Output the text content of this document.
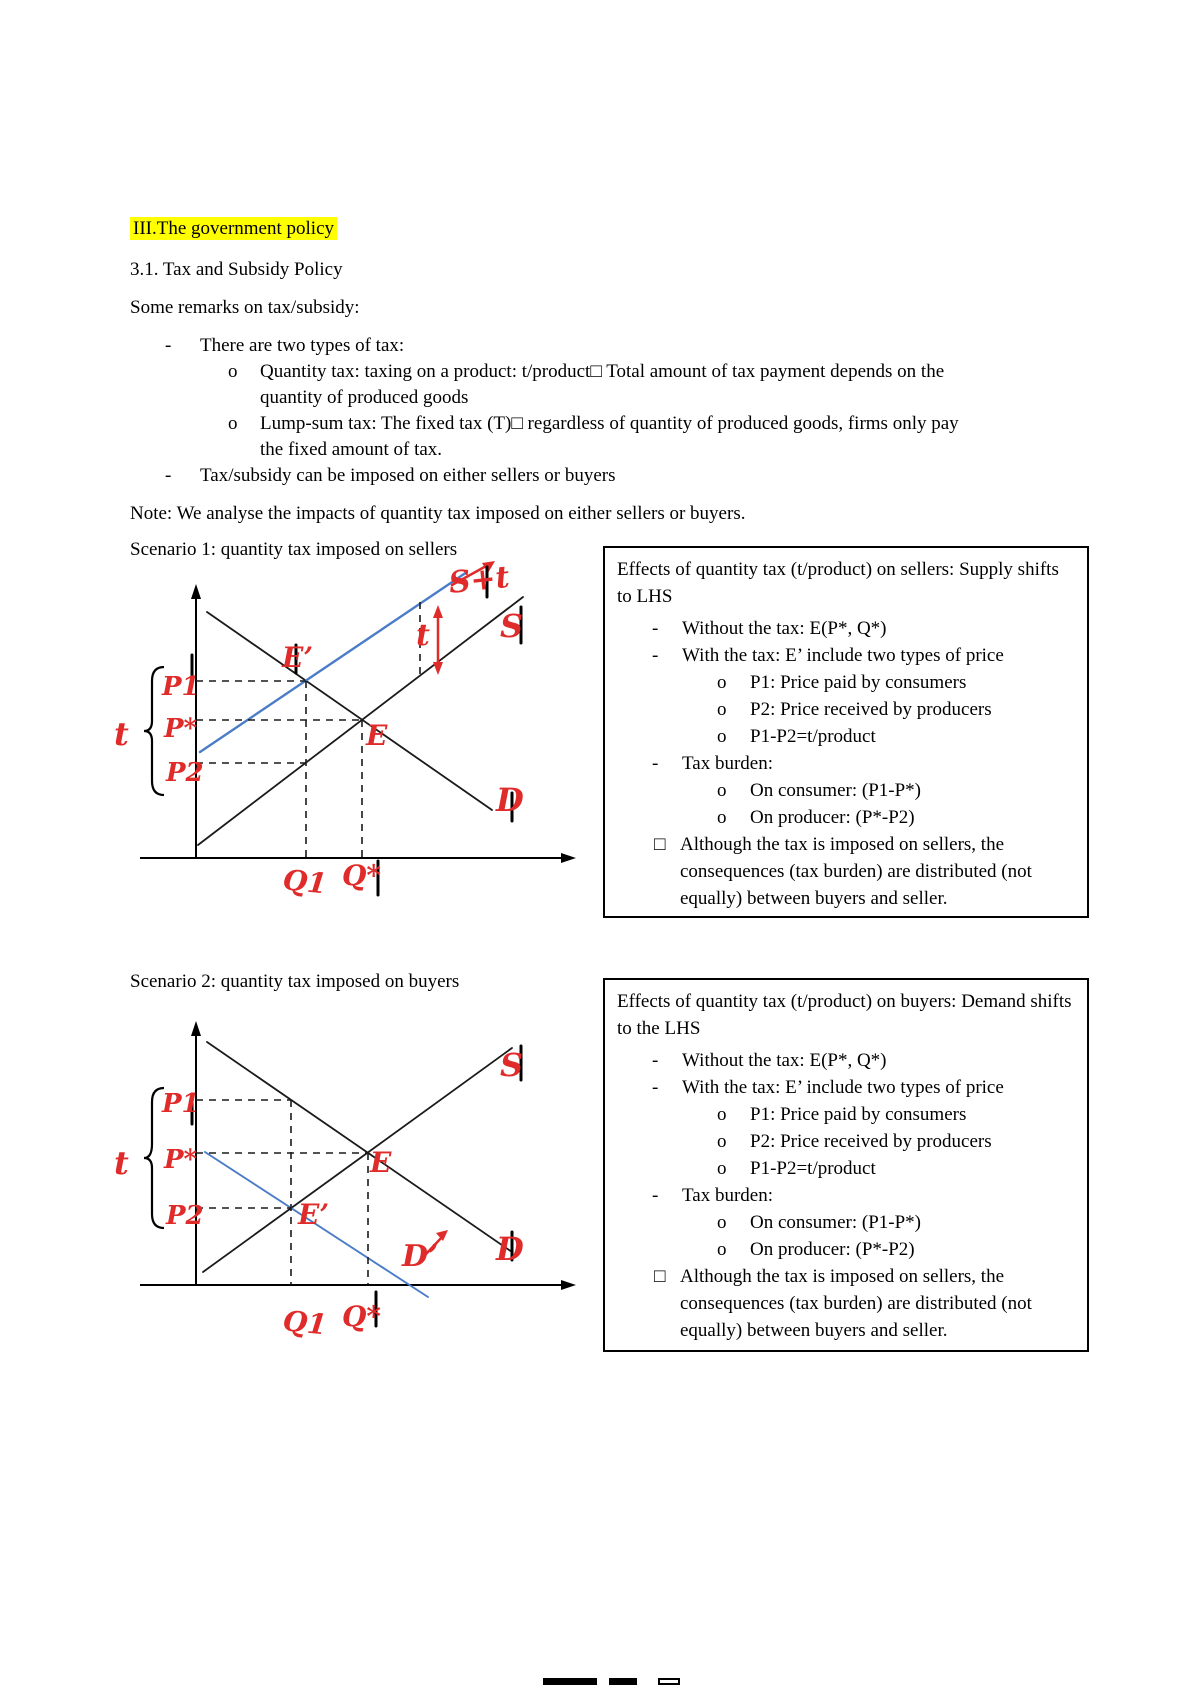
III.The government policy
3.1. Tax and Subsidy Policy
Some remarks on tax/subsidy:
- There are two types of tax:
o Quantity tax: taxing on a product: t/product□ Total amount of tax payment depends on the quantity of produced goods
o Lump-sum tax: The fixed tax (T)□ regardless of quantity of produced goods, firms only pay the fixed amount of tax.
- Tax/subsidy can be imposed on either sellers or buyers
Note: We analyse the impacts of quantity tax imposed on either sellers or buyers.
Scenario 1: quantity tax imposed on sellers
S+t
t S
E’
E
D
P1
P*
P2
t
Q1 Q*
Effects of quantity tax (t/product) on sellers: Supply shifts to LHS
- Without the tax: E(P*, Q*)
- With the tax: E’ include two types of price
o P1: Price paid by consumers
o P2: Price received by producers
o P1-P2=t/product
- Tax burden:
o On consumer: (P1-P*)
o On producer: (P*-P2)
□ Although the tax is imposed on sellers, the consequences (tax burden) are distributed (not equally) between buyers and seller.
Scenario 2: quantity tax imposed on buyers
S
E’
E
D
D’
P1
P*
P2
t
Q1 Q*
Effects of quantity tax (t/product) on buyers: Demand shifts to the LHS
- Without the tax: E(P*, Q*)
- With the tax: E’ include two types of price
o P1: Price paid by consumers
o P2: Price received by producers
o P1-P2=t/product
- Tax burden:
o On consumer: (P1-P*)
o On producer: (P*-P2)
□ Although the tax is imposed on sellers, the consequences (tax burden) are distributed (not equally) between buyers and seller.
